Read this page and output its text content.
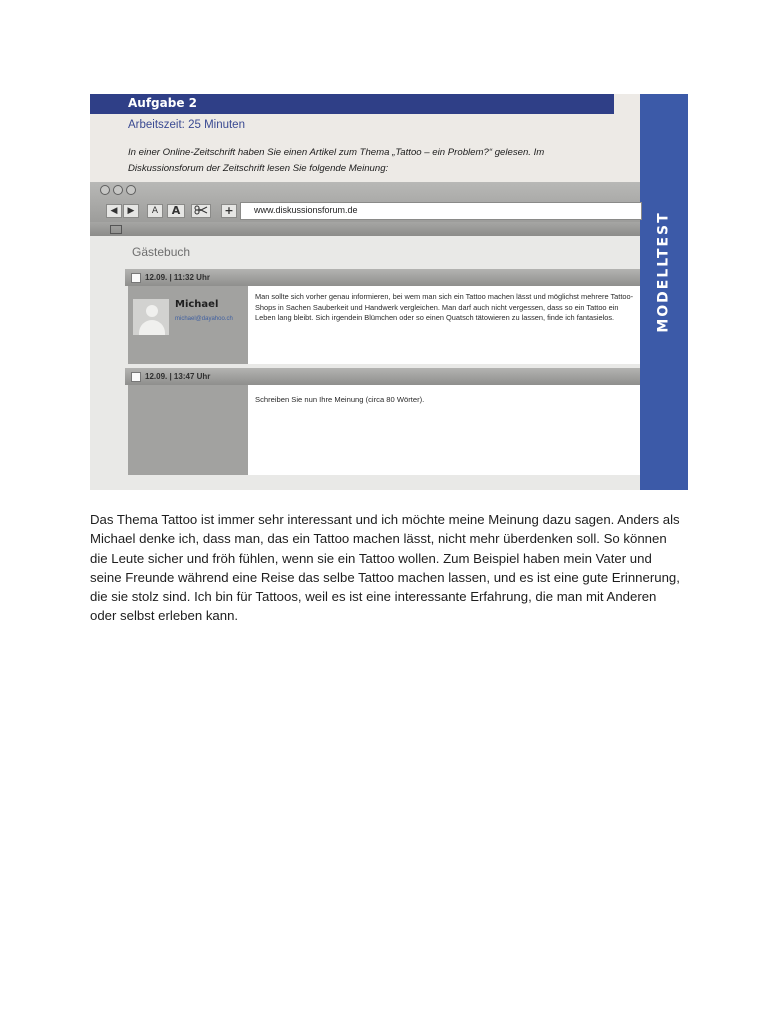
Aufgabe 2
Arbeitszeit: 25 Minuten
In einer Online-Zeitschrift haben Sie einen Artikel zum Thema „Tattoo – ein Problem?“ gelesen. Im Diskussionsforum der Zeitschrift lesen Sie folgende Meinung:
MODELLTEST
◀	▶	A	A	+	www.diskussionsforum.de
Gästebuch
12.09. | 11:32 Uhr
Michael
michael@dayahoo.ch
Man sollte sich vorher genau informieren, bei wem man sich ein Tattoo machen lässt und möglichst mehrere Tattoo-Shops in Sachen Sauberkeit und Handwerk vergleichen. Man darf auch nicht vergessen, dass so ein Tattoo ein Leben lang bleibt. Sich irgendein Blümchen oder so einen Quatsch tätowieren zu lassen, finde ich fantasielos.
12.09. | 13:47 Uhr
Schreiben Sie nun Ihre Meinung (circa 80 Wörter).

Das Thema Tattoo ist immer sehr interessant und ich möchte meine Meinung dazu sagen. Anders als Michael denke ich, dass man, das ein Tattoo machen lässt, nicht mehr überdenken soll. So können die Leute sicher und fröh fühlen, wenn sie ein Tattoo wollen. Zum Beispiel haben mein Vater und seine Freunde während eine Reise das selbe Tattoo machen lassen, und es ist eine gute Erinnerung, die sie stolz sind. Ich bin für Tattoos, weil es ist eine interessante Erfahrung, die man mit Anderen oder selbst erleben kann.
